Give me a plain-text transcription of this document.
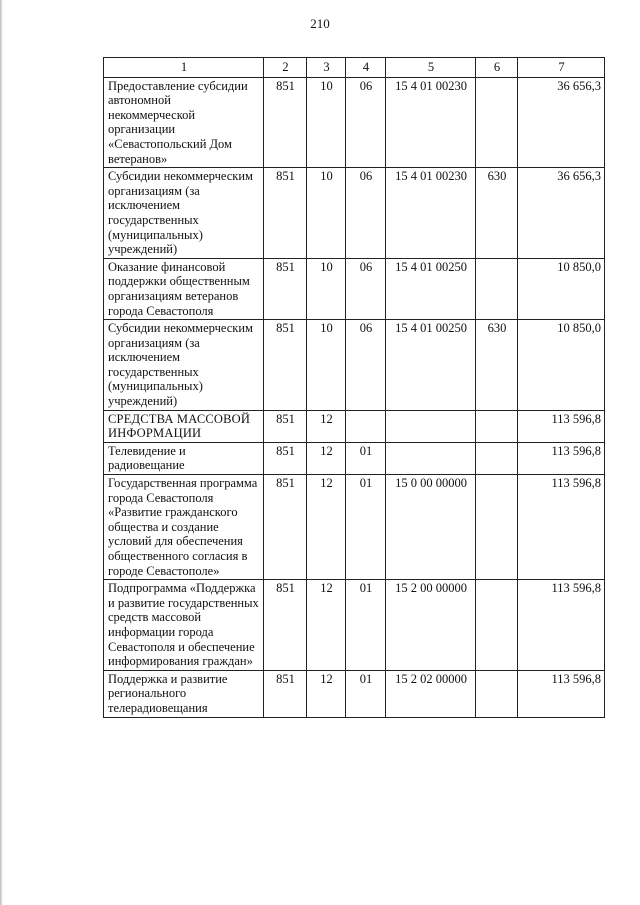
210
1	2	3	4	5	6	7
Предоставление субсидии автономной некоммерческой организации «Севастопольский Дом ветеранов»	851	10	06	15 4 01 00230		36 656,3
Субсидии некоммерческим организациям (за исключением государственных (муниципальных) учреждений)	851	10	06	15 4 01 00230	630	36 656,3
Оказание финансовой поддержки общественным организациям ветеранов города Севастополя	851	10	06	15 4 01 00250		10 850,0
Субсидии некоммерческим организациям (за исключением государственных (муниципальных) учреждений)	851	10	06	15 4 01 00250	630	10 850,0
СРЕДСТВА МАССОВОЙ ИНФОРМАЦИИ	851	12				113 596,8
Телевидение и радиовещание	851	12	01			113 596,8
Государственная программа города Севастополя «Развитие гражданского общества и создание условий для обеспечения общественного согласия в городе Севастополе»	851	12	01	15 0 00 00000		113 596,8
Подпрограмма «Поддержка и развитие государственных средств массовой информации города Севастополя и обеспечение информирования граждан»	851	12	01	15 2 00 00000		113 596,8
Поддержка и развитие регионального телерадиовещания	851	12	01	15 2 02 00000		113 596,8
